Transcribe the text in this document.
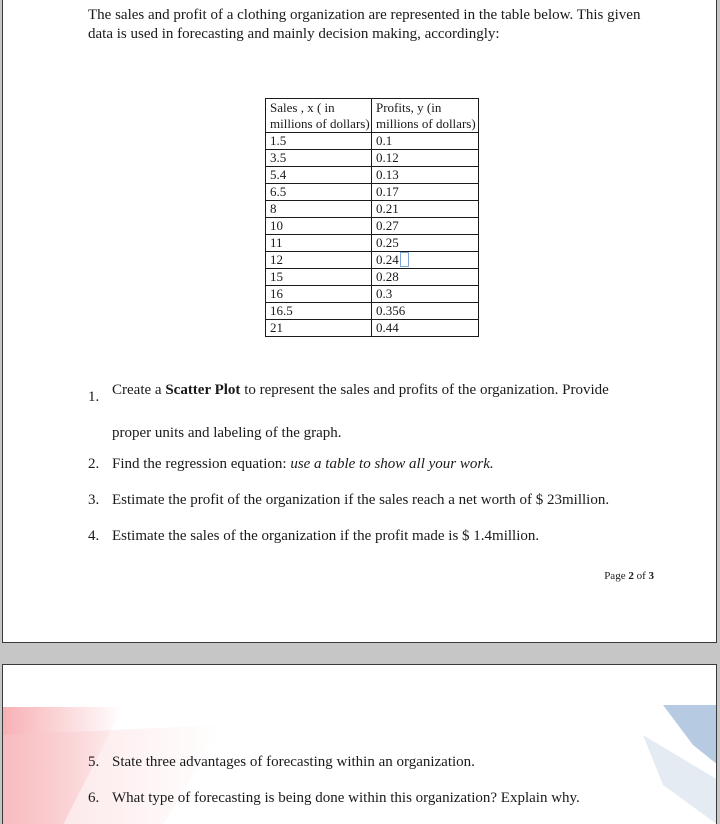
The sales and profit of a clothing organization are represented in the table below. This given data is used in forecasting and mainly decision making, accordingly:

Sales , x ( in millions of dollars)	Profits, y (in millions of dollars)
1.5	0.1
3.5	0.12
5.4	0.13
6.5	0.17
8	0.21
10	0.27
11	0.25
12	0.24
15	0.28
16	0.3
16.5	0.356
21	0.44
1. Create a Scatter Plot to represent the sales and profits of the organization. Provide
proper units and labeling of the graph.
2. Find the regression equation: use a table to show all your work.
3. Estimate the profit of the organization if the sales reach a net worth of $ 23million.
4. Estimate the sales of the organization if the profit made is $ 1.4million.
Page 2 of 3
5. State three advantages of forecasting within an organization.
6. What type of forecasting is being done within this organization? Explain why.
